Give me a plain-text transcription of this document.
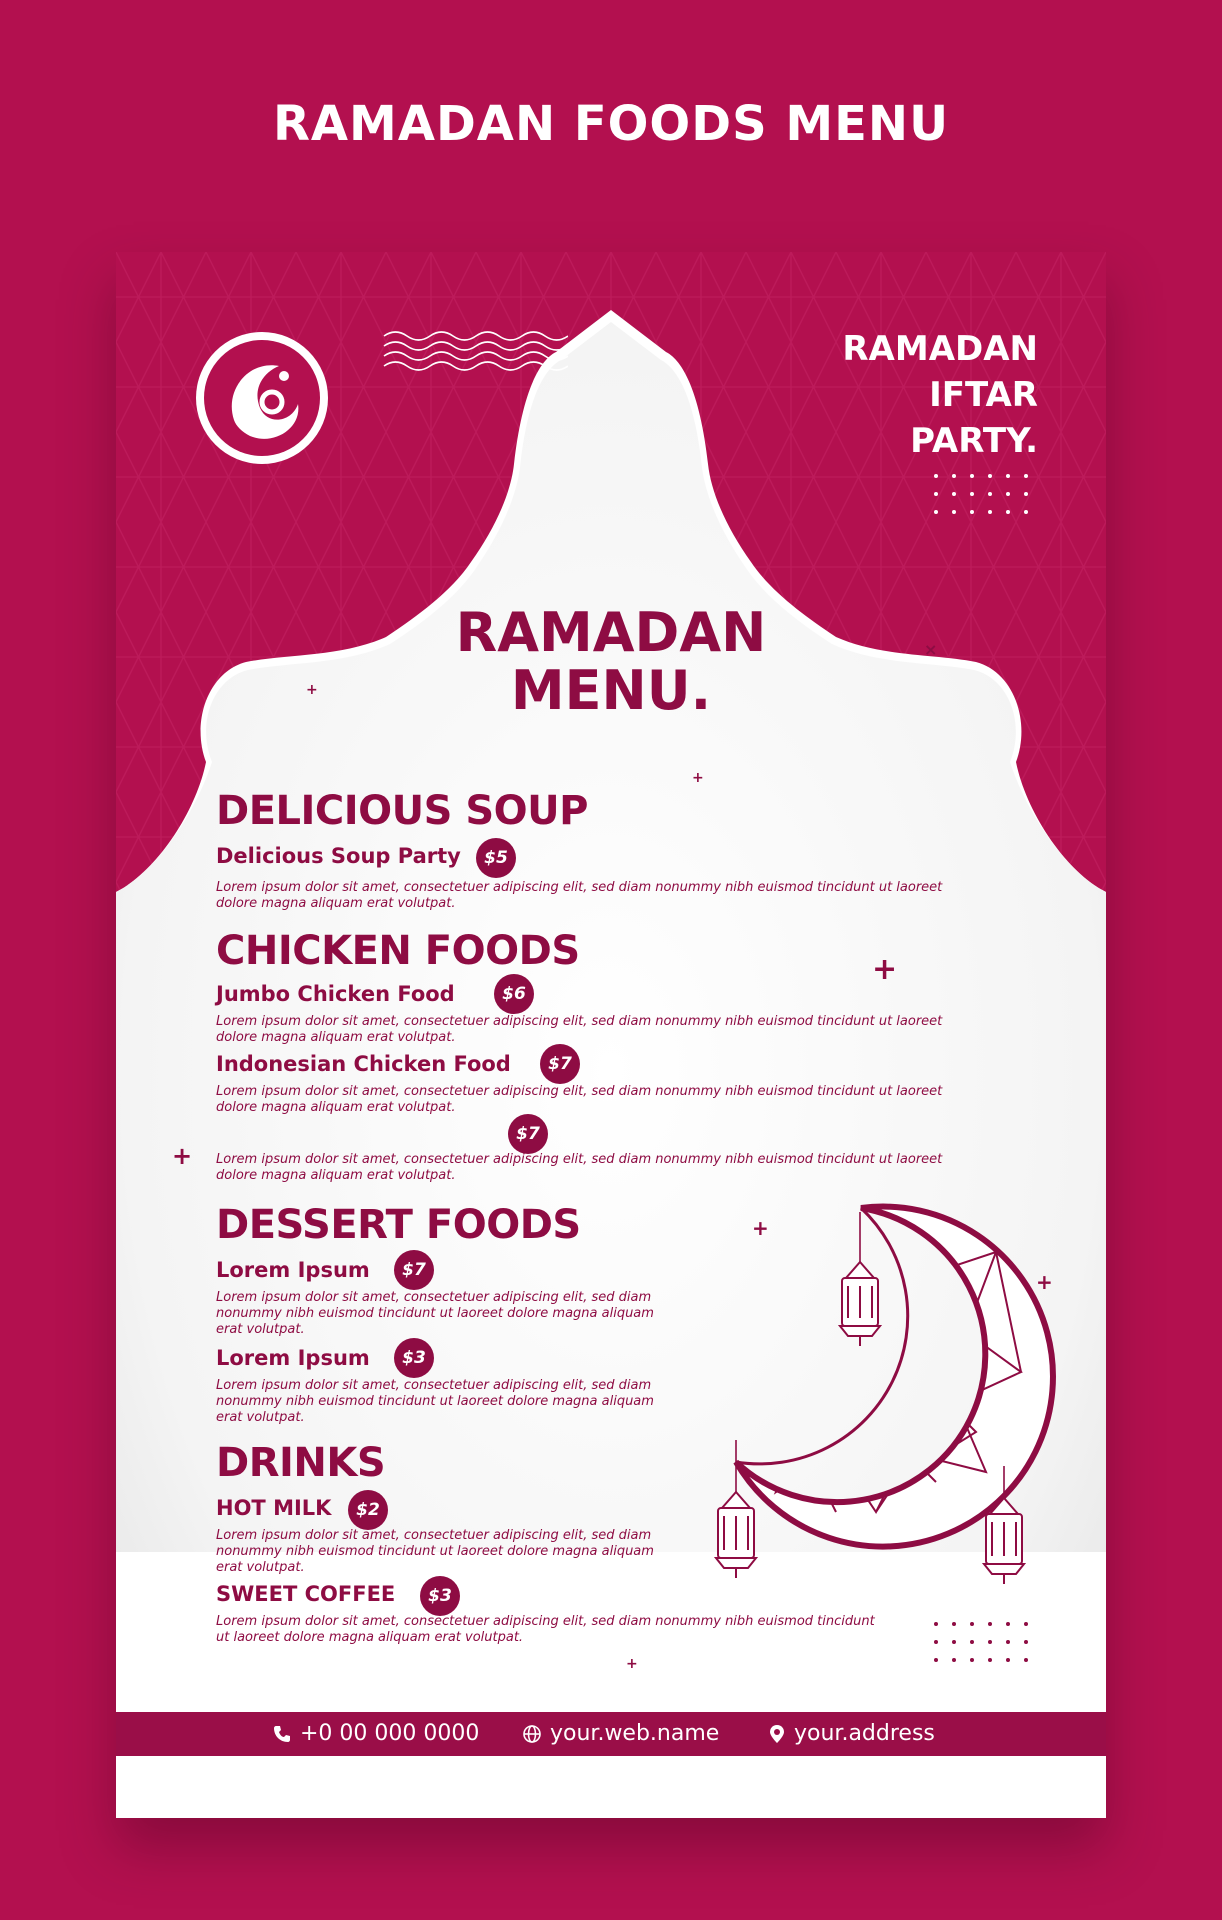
RAMADAN FOODS MENU
RAMADAN
IFTAR
PARTY.
RAMADAN
MENU.
+
×
+
+
+
+
+
+
DELICIOUS SOUP
Delicious Soup Party	$5
Lorem ipsum dolor sit amet, consectetuer adipiscing elit, sed diam nonummy nibh euismod tincidunt ut laoreet
dolore magna aliquam erat volutpat.
CHICKEN FOODS
Jumbo Chicken Food	$6
Lorem ipsum dolor sit amet, consectetuer adipiscing elit, sed diam nonummy nibh euismod tincidunt ut laoreet
dolore magna aliquam erat volutpat.
Indonesian Chicken Food	$7
Lorem ipsum dolor sit amet, consectetuer adipiscing elit, sed diam nonummy nibh euismod tincidunt ut laoreet
dolore magna aliquam erat volutpat.
$7
Lorem ipsum dolor sit amet, consectetuer adipiscing elit, sed diam nonummy nibh euismod tincidunt ut laoreet
dolore magna aliquam erat volutpat.
DESSERT FOODS
Lorem Ipsum	$7
Lorem ipsum dolor sit amet, consectetuer adipiscing elit, sed diam
nonummy nibh euismod tincidunt ut laoreet dolore magna aliquam
erat volutpat.
Lorem Ipsum	$3
Lorem ipsum dolor sit amet, consectetuer adipiscing elit, sed diam
nonummy nibh euismod tincidunt ut laoreet dolore magna aliquam
erat volutpat.
DRINKS
HOT MILK	$2
Lorem ipsum dolor sit amet, consectetuer adipiscing elit, sed diam
nonummy nibh euismod tincidunt ut laoreet dolore magna aliquam
erat volutpat.
SWEET COFFEE	$3
Lorem ipsum dolor sit amet, consectetuer adipiscing elit, sed diam nonummy nibh euismod tincidunt
ut laoreet dolore magna aliquam erat volutpat.
+0 00 000 0000	your.web.name	your.address
